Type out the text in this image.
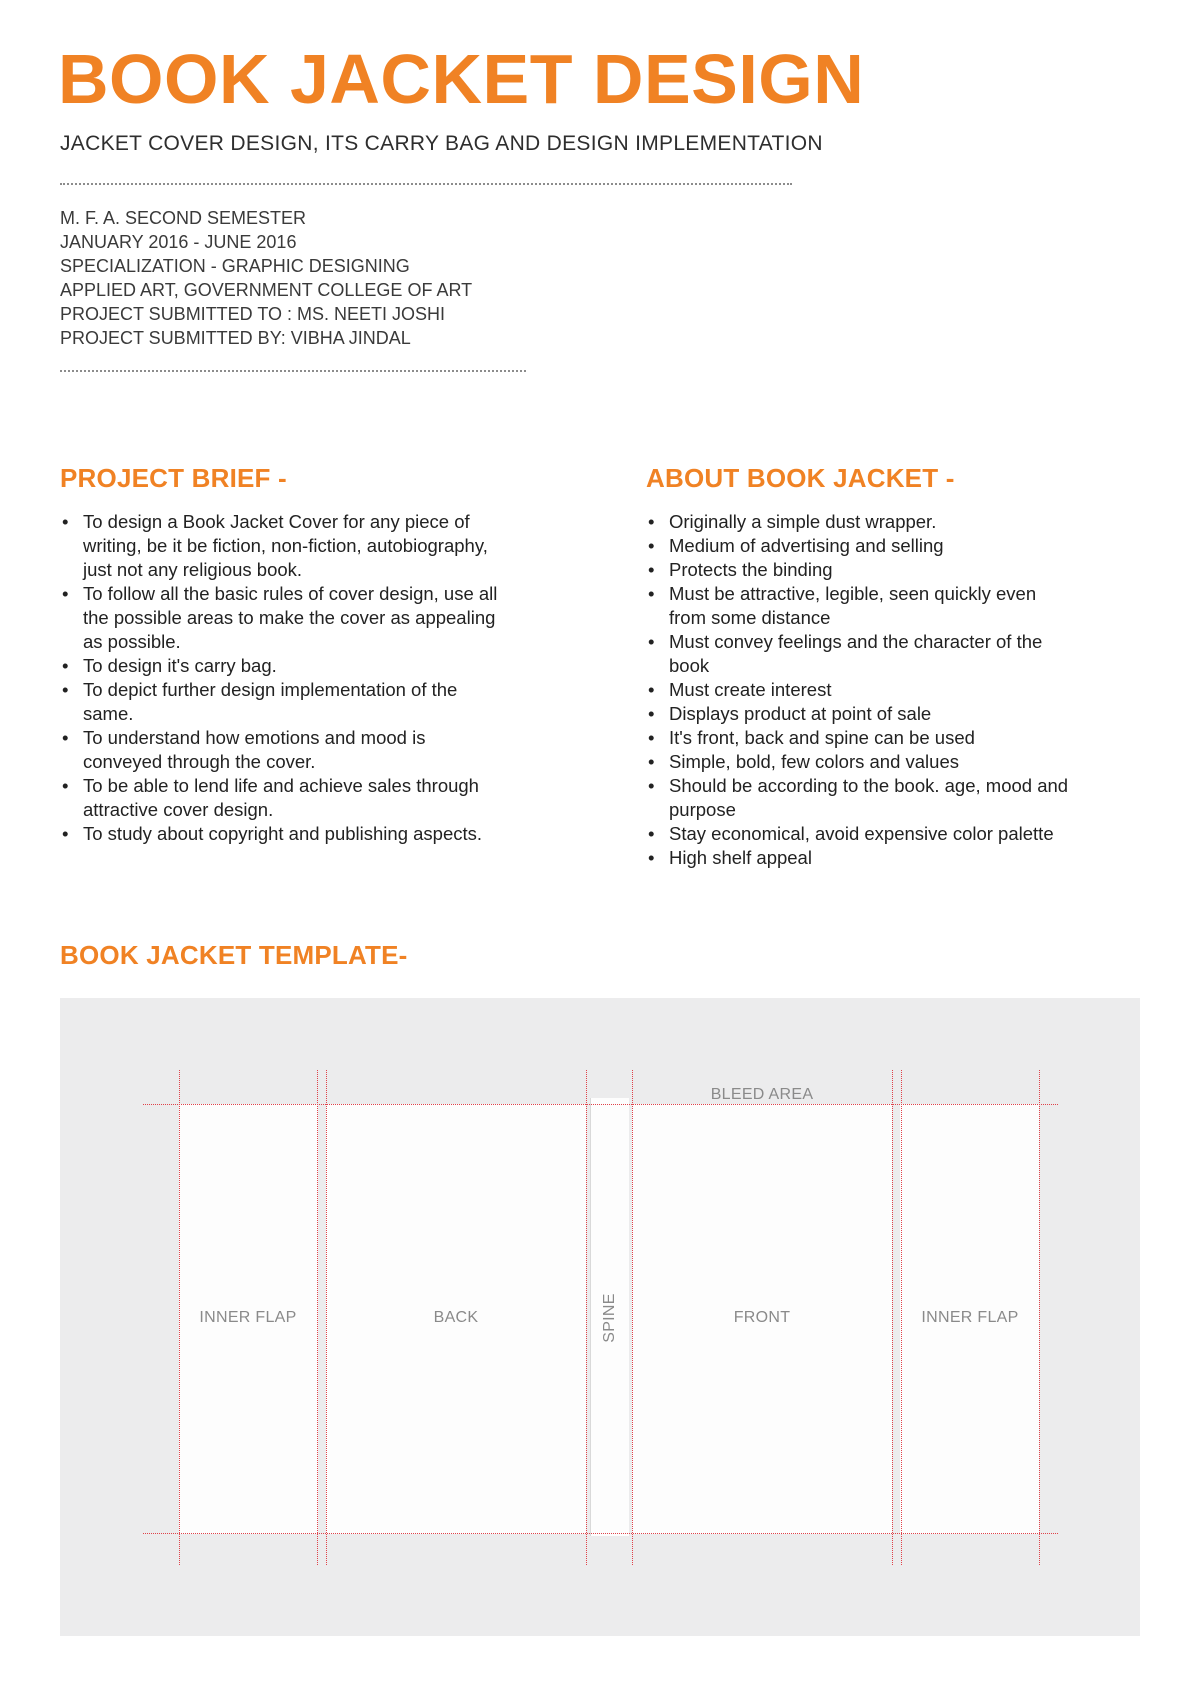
BOOK JACKET DESIGN
JACKET COVER DESIGN, ITS CARRY BAG AND DESIGN IMPLEMENTATION
M. F. A. SECOND SEMESTER
JANUARY 2016 - JUNE 2016
SPECIALIZATION - GRAPHIC DESIGNING
APPLIED ART, GOVERNMENT COLLEGE OF ART
PROJECT SUBMITTED TO : MS. NEETI JOSHI
PROJECT SUBMITTED BY: VIBHA JINDAL
PROJECT BRIEF -
• To design a Book Jacket Cover for any piece of writing, be it be fiction, non-fiction, autobiography, just not any religious book.
• To follow all the basic rules of cover design, use all the possible areas to make the cover as appealing as possible.
• To design it's carry bag.
• To depict further design implementation of the same.
• To understand how emotions and mood is conveyed through the cover.
• To be able to lend life and achieve sales through attractive cover design.
• To study about copyright and publishing aspects.
ABOUT BOOK JACKET -
• Originally a simple dust wrapper.
• Medium of advertising and selling
• Protects the binding
• Must be attractive, legible, seen quickly even from some distance
• Must convey feelings and the character of the book
• Must create interest
• Displays product at point of sale
• It's front, back and spine can be used
• Simple, bold, few colors and values
• Should be according to the book. age, mood and purpose
• Stay economical, avoid expensive color palette
• High shelf appeal
BOOK JACKET TEMPLATE-
BLEED AREA
INNER FLAP	BACK	SPINE	FRONT	INNER FLAP
